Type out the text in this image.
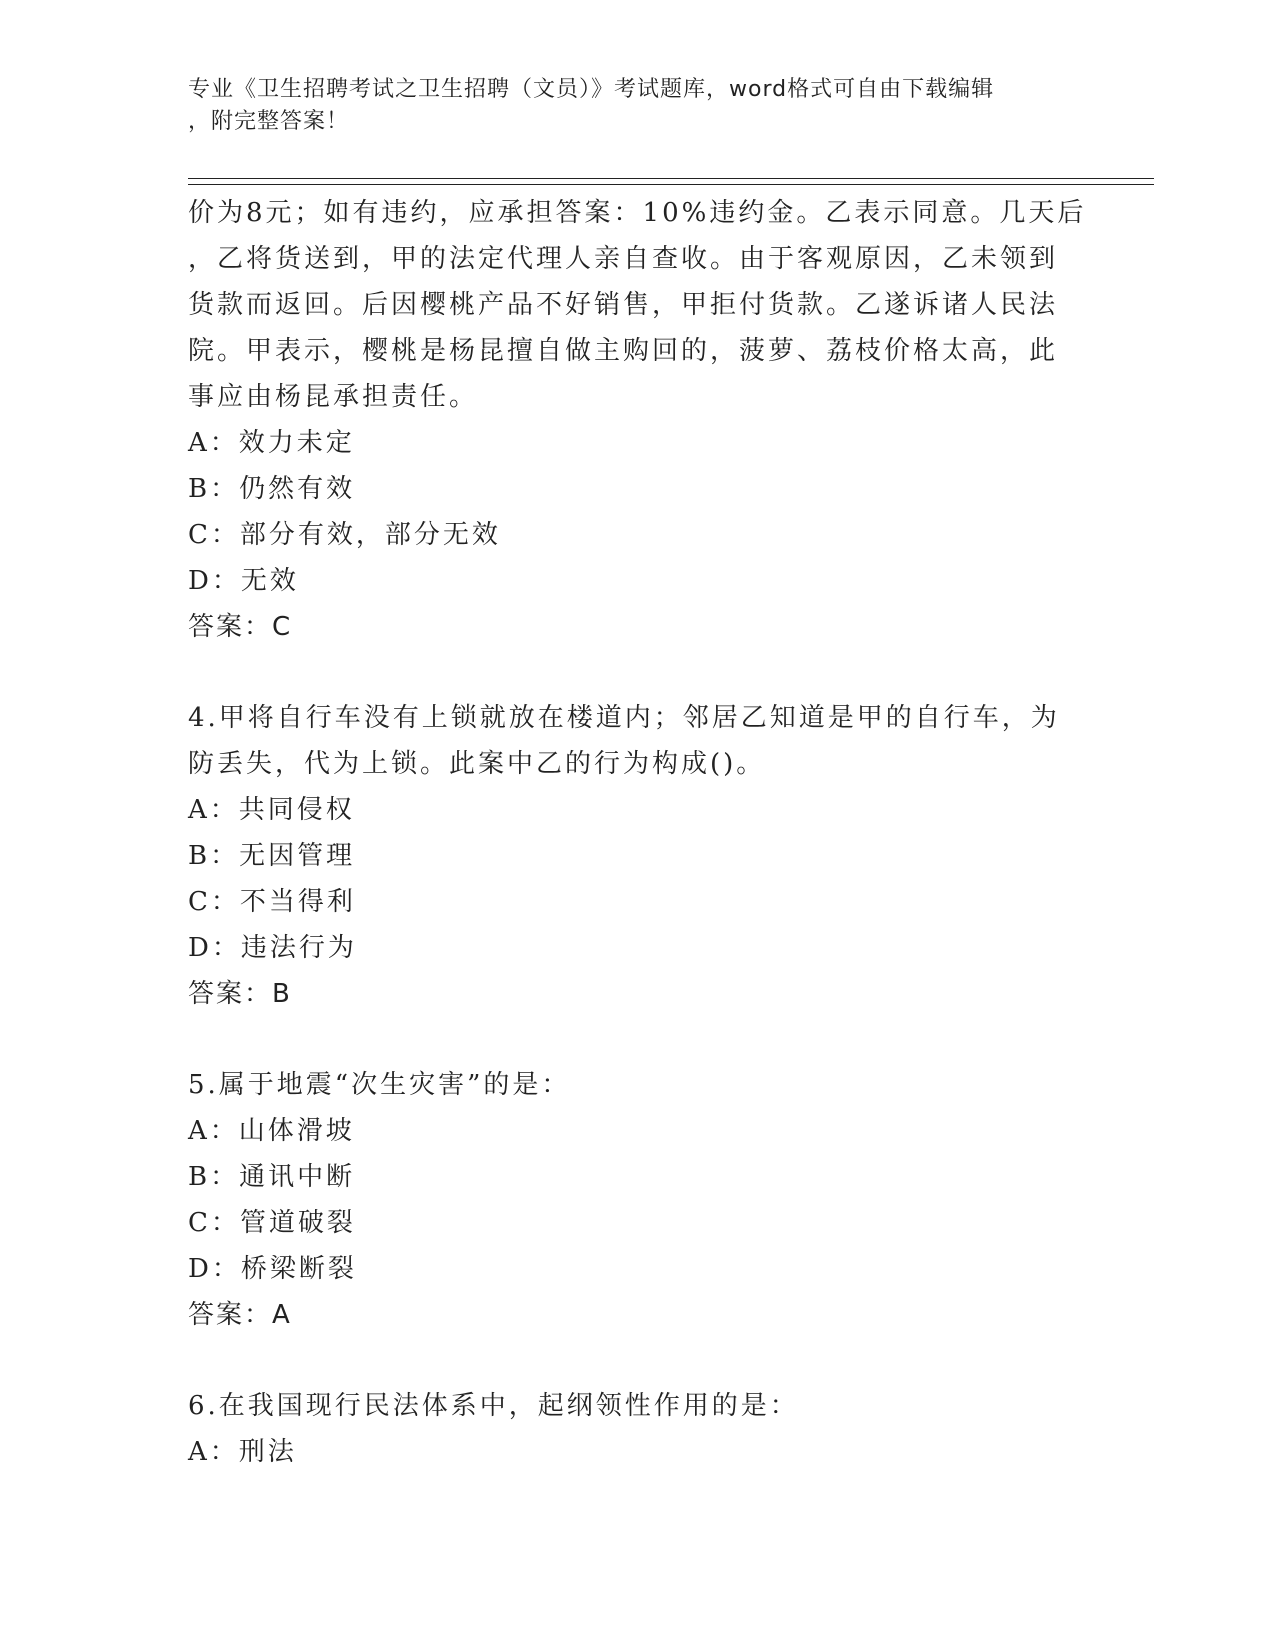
专业《卫生招聘考试之卫生招聘（文员）》考试题库，word格式可自由下载编辑
，附完整答案！
价为8元；如有违约，应承担答案：10%违约金。乙表示同意。几天后
，乙将货送到，甲的法定代理人亲自查收。由于客观原因，乙未领到
货款而返回。后因樱桃产品不好销售，甲拒付货款。乙遂诉诸人民法
院。甲表示，樱桃是杨昆擅自做主购回的，菠萝、荔枝价格太高，此
事应由杨昆承担责任。
A：效力未定
B：仍然有效
C：部分有效，部分无效
D：无效
答案：C
4.甲将自行车没有上锁就放在楼道内；邻居乙知道是甲的自行车，为
防丢失，代为上锁。此案中乙的行为构成()。
A：共同侵权
B：无因管理
C：不当得利
D：违法行为
答案：B
5.属于地震“次生灾害”的是：
A：山体滑坡
B：通讯中断
C：管道破裂
D：桥梁断裂
答案：A
6.在我国现行民法体系中，起纲领性作用的是：
A：刑法
